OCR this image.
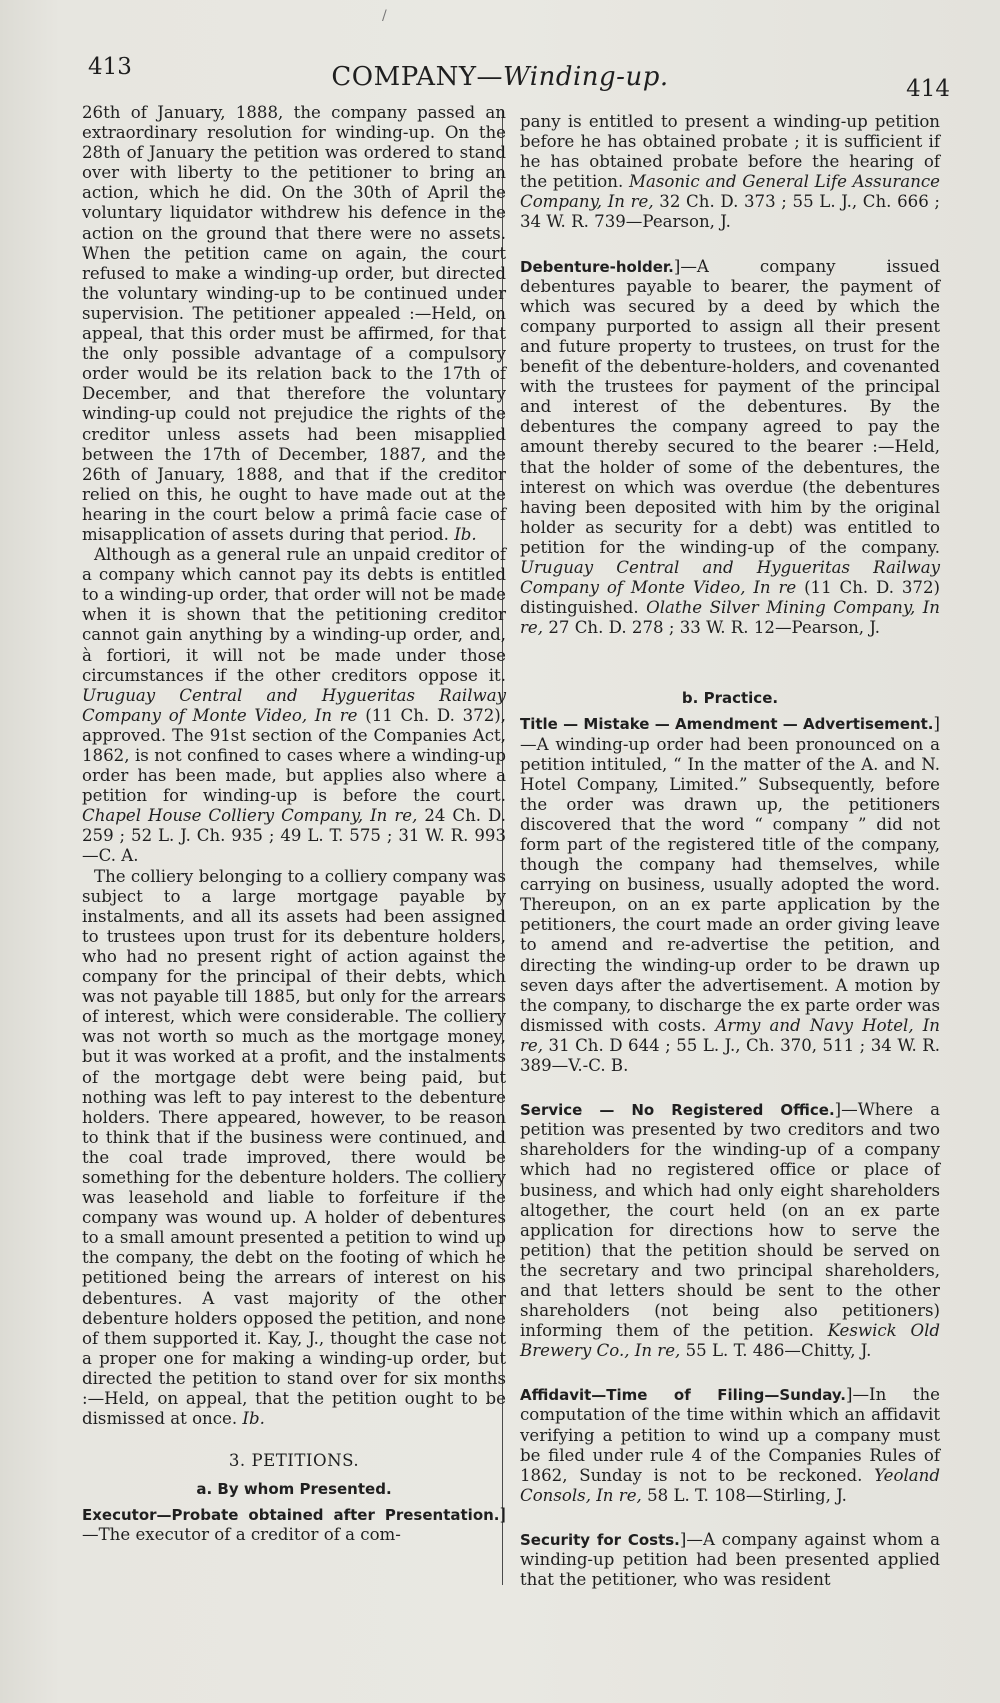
/
413	COMPANY—Winding-up.	414

26th of January, 1888, the company passed an extraordinary resolution for winding-up. On the 28th of January the petition was ordered to stand over with liberty to the petitioner to bring an action, which he did. On the 30th of April the voluntary liquidator withdrew his defence in the action on the ground that there were no assets. When the petition came on again, the court refused to make a winding-up order, but directed the voluntary winding-up to be continued under supervision. The petitioner appealed :—Held, on appeal, that this order must be affirmed, for that the only possible advantage of a compulsory order would be its relation back to the 17th of December, and that therefore the voluntary winding-up could not prejudice the rights of the creditor unless assets had been misapplied between the 17th of December, 1887, and the 26th of January, 1888, and that if the creditor relied on this, he ought to have made out at the hearing in the court below a primâ facie case of misapplication of assets during that period. Ib.

Although as a general rule an unpaid creditor of a company which cannot pay its debts is entitled to a winding-up order, that order will not be made when it is shown that the petitioning creditor cannot gain anything by a winding-up order, and, à fortiori, it will not be made under those circumstances if the other creditors oppose it. Uruguay Central and Hygueritas Railway Company of Monte Video, In re (11 Ch. D. 372), approved. The 91st section of the Companies Act, 1862, is not confined to cases where a winding-up order has been made, but applies also where a petition for winding-up is before the court. Chapel House Colliery Company, In re, 24 Ch. D. 259 ; 52 L. J. Ch. 935 ; 49 L. T. 575 ; 31 W. R. 993—C. A.

The colliery belonging to a colliery company was subject to a large mortgage payable by instalments, and all its assets had been assigned to trustees upon trust for its debenture holders, who had no present right of action against the company for the principal of their debts, which was not payable till 1885, but only for the arrears of interest, which were considerable. The colliery was not worth so much as the mortgage money, but it was worked at a profit, and the instalments of the mortgage debt were being paid, but nothing was left to pay interest to the debenture holders. There appeared, however, to be reason to think that if the business were continued, and the coal trade improved, there would be something for the debenture holders. The colliery was leasehold and liable to forfeiture if the company was wound up. A holder of debentures to a small amount presented a petition to wind up the company, the debt on the footing of which he petitioned being the arrears of interest on his debentures. A vast majority of the other debenture holders opposed the petition, and none of them supported it. Kay, J., thought the case not a proper one for making a winding-up order, but directed the petition to stand over for six months :—Held, on appeal, that the petition ought to be dismissed at once. Ib.

3. PETITIONS.
a. By whom Presented.

Executor—Probate obtained after Presentation.]—The executor of a creditor of a com-

pany is entitled to present a winding-up petition before he has obtained probate ; it is sufficient if he has obtained probate before the hearing of the petition. Masonic and General Life Assurance Company, In re, 32 Ch. D. 373 ; 55 L. J., Ch. 666 ; 34 W. R. 739—Pearson, J.

Debenture-holder.]—A company issued debentures payable to bearer, the payment of which was secured by a deed by which the company purported to assign all their present and future property to trustees, on trust for the benefit of the debenture-holders, and covenanted with the trustees for payment of the principal and interest of the debentures. By the debentures the company agreed to pay the amount thereby secured to the bearer :—Held, that the holder of some of the debentures, the interest on which was overdue (the debentures having been deposited with him by the original holder as security for a debt) was entitled to petition for the winding-up of the company. Uruguay Central and Hygueritas Railway Company of Monte Video, In re (11 Ch. D. 372) distinguished. Olathe Silver Mining Company, In re, 27 Ch. D. 278 ; 33 W. R. 12—Pearson, J.

b. Practice.

Title — Mistake — Amendment — Advertisement.]—A winding-up order had been pronounced on a petition intituled, “ In the matter of the A. and N. Hotel Company, Limited.” Subsequently, before the order was drawn up, the petitioners discovered that the word “ company ” did not form part of the registered title of the company, though the company had themselves, while carrying on business, usually adopted the word. Thereupon, on an ex parte application by the petitioners, the court made an order giving leave to amend and re-advertise the petition, and directing the winding-up order to be drawn up seven days after the advertisement. A motion by the company, to discharge the ex parte order was dismissed with costs. Army and Navy Hotel, In re, 31 Ch. D 644 ; 55 L. J., Ch. 370, 511 ; 34 W. R. 389—V.-C. B.

Service — No Registered Office.]—Where a petition was presented by two creditors and two shareholders for the winding-up of a company which had no registered office or place of business, and which had only eight shareholders altogether, the court held (on an ex parte application for directions how to serve the petition) that the petition should be served on the secretary and two principal shareholders, and that letters should be sent to the other shareholders (not being also petitioners) informing them of the petition. Keswick Old Brewery Co., In re, 55 L. T. 486—Chitty, J.

Affidavit—Time of Filing—Sunday.]—In the computation of the time within which an affidavit verifying a petition to wind up a company must be filed under rule 4 of the Companies Rules of 1862, Sunday is not to be reckoned. Yeoland Consols, In re, 58 L. T. 108—Stirling, J.

Security for Costs.]—A company against whom a winding-up petition had been presented applied that the petitioner, who was resident
